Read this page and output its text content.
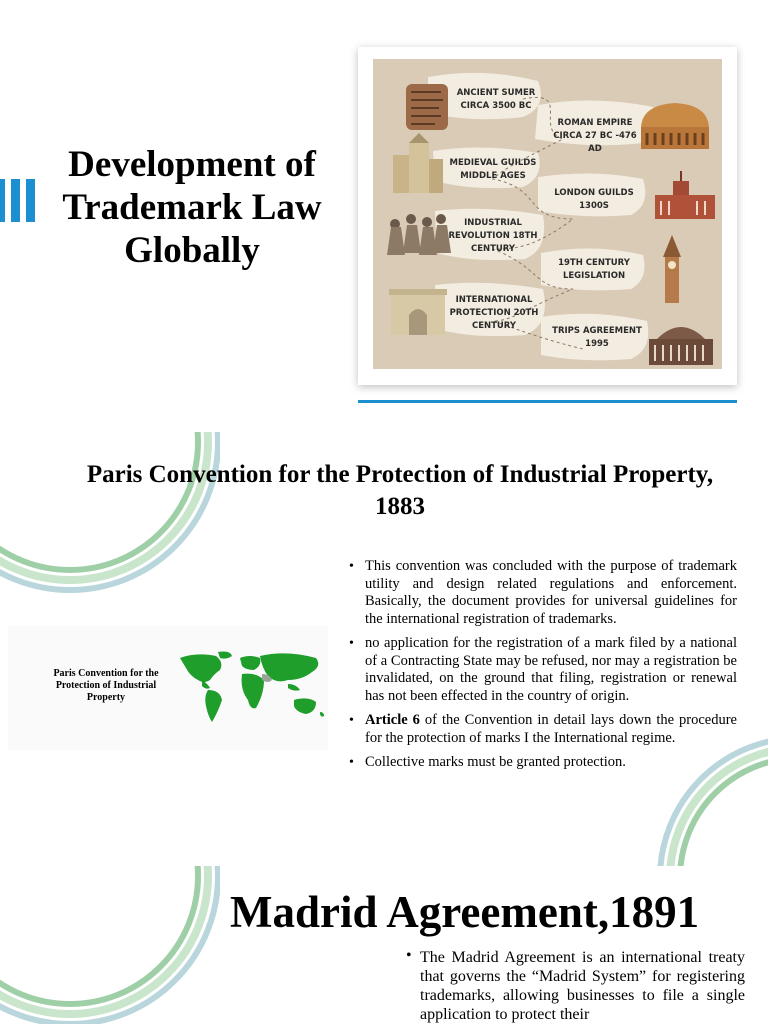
Development of Trademark Law Globally
ANCIENT SUMER
CIRCA 3500 BC
ROMAN EMPIRE
CIRCA 27 BC -476 AD
MEDIEVAL GUILDS
MIDDLE AGES
LONDON GUILDS
1300S
INDUSTRIAL
REVOLUTION 18TH
CENTURY
19TH CENTURY
LEGISLATION
INTERNATIONAL
PROTECTION 20TH
CENTURY	TRIPS AGREEMENT
1995
Paris Convention for the Protection of Industrial Property, 1883
Paris Convention for the Protection of Industrial Property
• This convention was concluded with the purpose of trademark utility and design related regulations and enforcement. Basically, the document provides for universal guidelines for the international registration of trademarks.
• no application for the registration of a mark filed by a national of a Contracting State may be refused, nor may a registration be invalidated, on the ground that filing, registration or renewal has not been effected in the country of origin.
• Article 6 of the Convention in detail lays down the procedure for the protection of marks I the International regime.
• Collective marks must be granted protection.
Madrid Agreement,1891
• The Madrid Agreement is an international treaty that governs the “Madrid System” for registering trademarks, allowing businesses to file a single application to protect their
